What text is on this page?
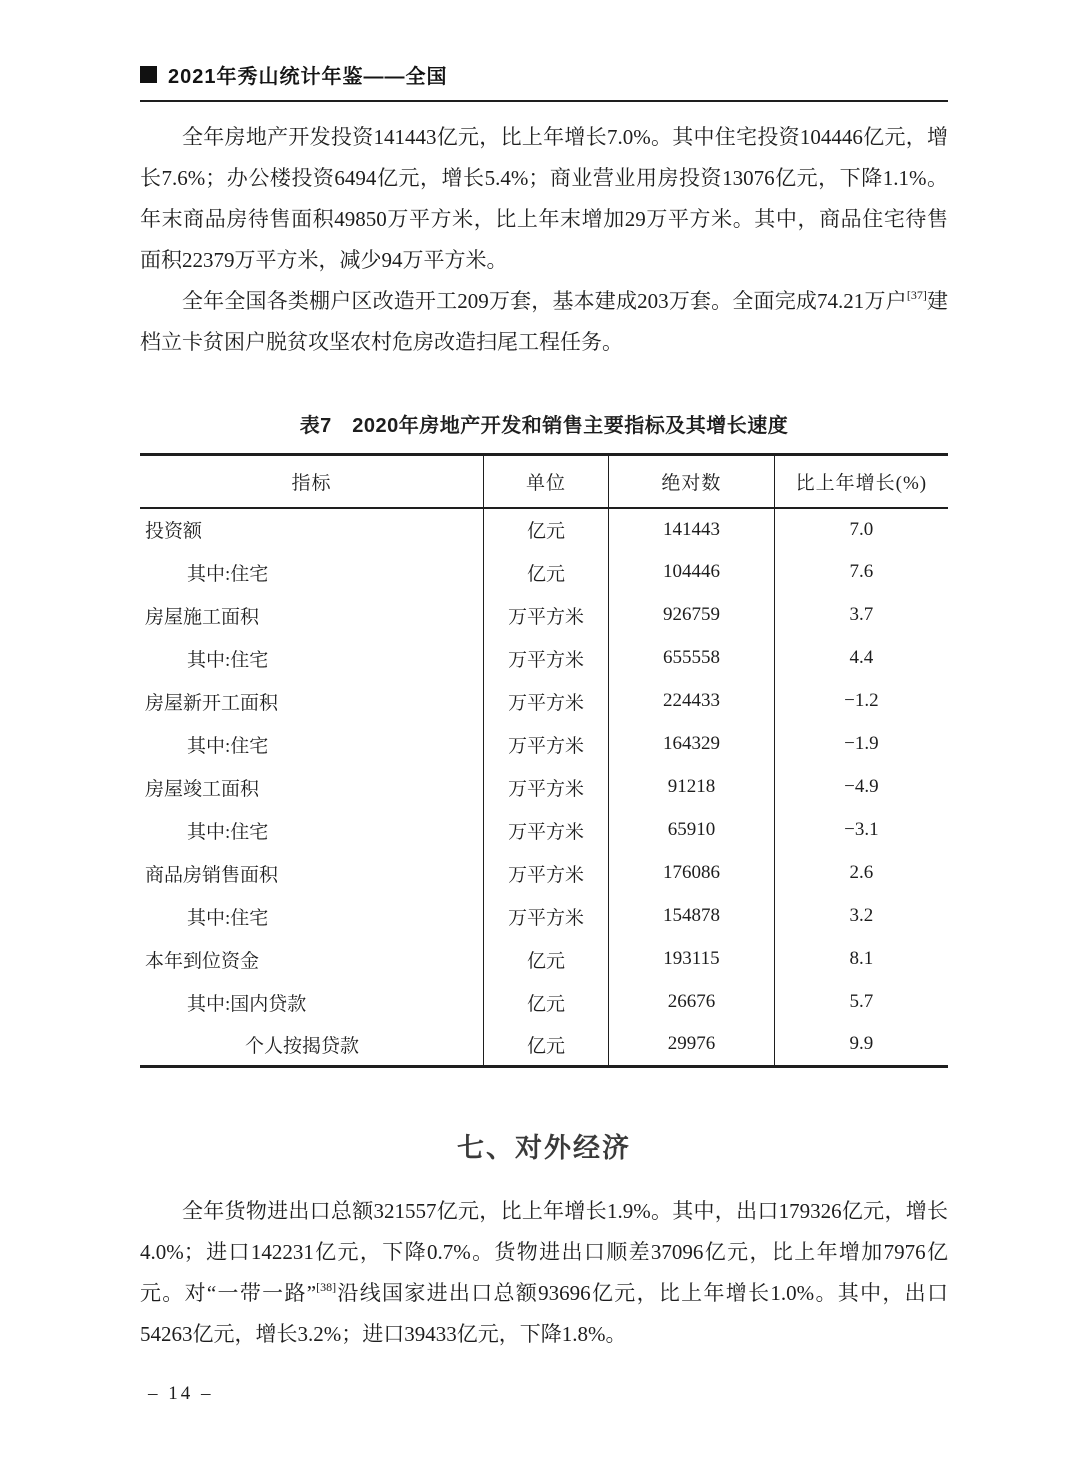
2021年秀山统计年鉴——全国

全年房地产开发投资141443亿元，比上年增长7.0%。其中住宅投资104446亿元，增长7.6%；办公楼投资6494亿元，增长5.4%；商业营业用房投资13076亿元，下降1.1%。年末商品房待售面积49850万平方米，比上年末增加29万平方米。其中，商品住宅待售面积22379万平方米，减少94万平方米。

全年全国各类棚户区改造开工209万套，基本建成203万套。全面完成74.21万户[37]建档立卡贫困户脱贫攻坚农村危房改造扫尾工程任务。

表7　2020年房地产开发和销售主要指标及其增长速度
指标	单位	绝对数	比上年增长(%)
投资额	亿元	141443	7.0
其中:住宅	亿元	104446	7.6
房屋施工面积	万平方米	926759	3.7
其中:住宅	万平方米	655558	4.4
房屋新开工面积	万平方米	224433	−1.2
其中:住宅	万平方米	164329	−1.9
房屋竣工面积	万平方米	91218	−4.9
其中:住宅	万平方米	65910	−3.1
商品房销售面积	万平方米	176086	2.6
其中:住宅	万平方米	154878	3.2
本年到位资金	亿元	193115	8.1
其中:国内贷款	亿元	26676	5.7
个人按揭贷款	亿元	29976	9.9
七、对外经济

全年货物进出口总额321557亿元，比上年增长1.9%。其中，出口179326亿元，增长4.0%；进口142231亿元，下降0.7%。货物进出口顺差37096亿元，比上年增加7976亿元。对“一带一路”[38]沿线国家进出口总额93696亿元，比上年增长1.0%。其中，出口54263亿元，增长3.2%；进口39433亿元，下降1.8%。

– 14 –
